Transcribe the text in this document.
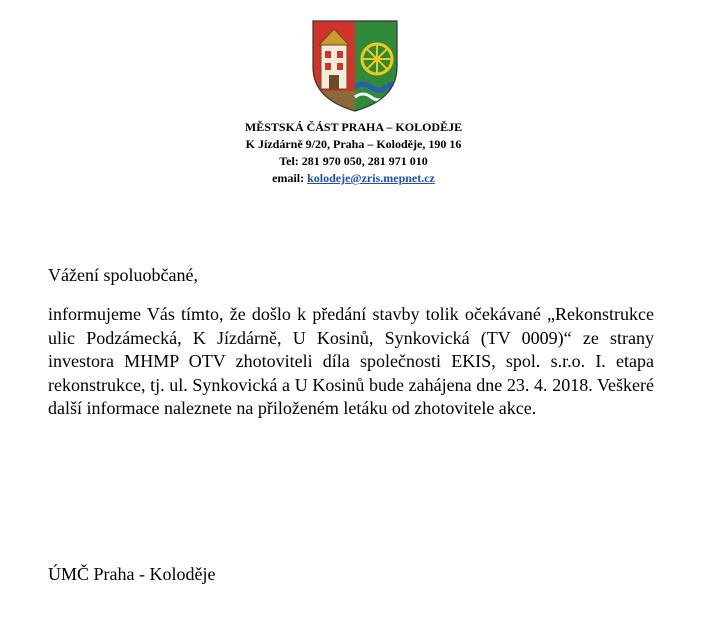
MĚSTSKÁ ČÁST PRAHA – KOLODĚJE
K Jízdárně 9/20, Praha – Koloděje, 190 16
Tel: 281 970 050, 281 971 010
email: kolodeje@zris.mepnet.cz
Vážení spoluobčané,

informujeme Vás tímto, že došlo k předání stavby tolik očekávané „Rekonstrukce ulic Podzámecká, K Jízdárně, U Kosinů, Synkovická (TV 0009)“ ze strany investora MHMP OTV zhotoviteli díla společnosti EKIS, spol. s.r.o. I. etapa rekonstrukce, tj. ul. Synkovická a U Kosinů bude zahájena dne 23. 4. 2018. Veškeré další informace naleznete na přiloženém letáku od zhotovitele akce.

ÚMČ Praha - Koloděje
